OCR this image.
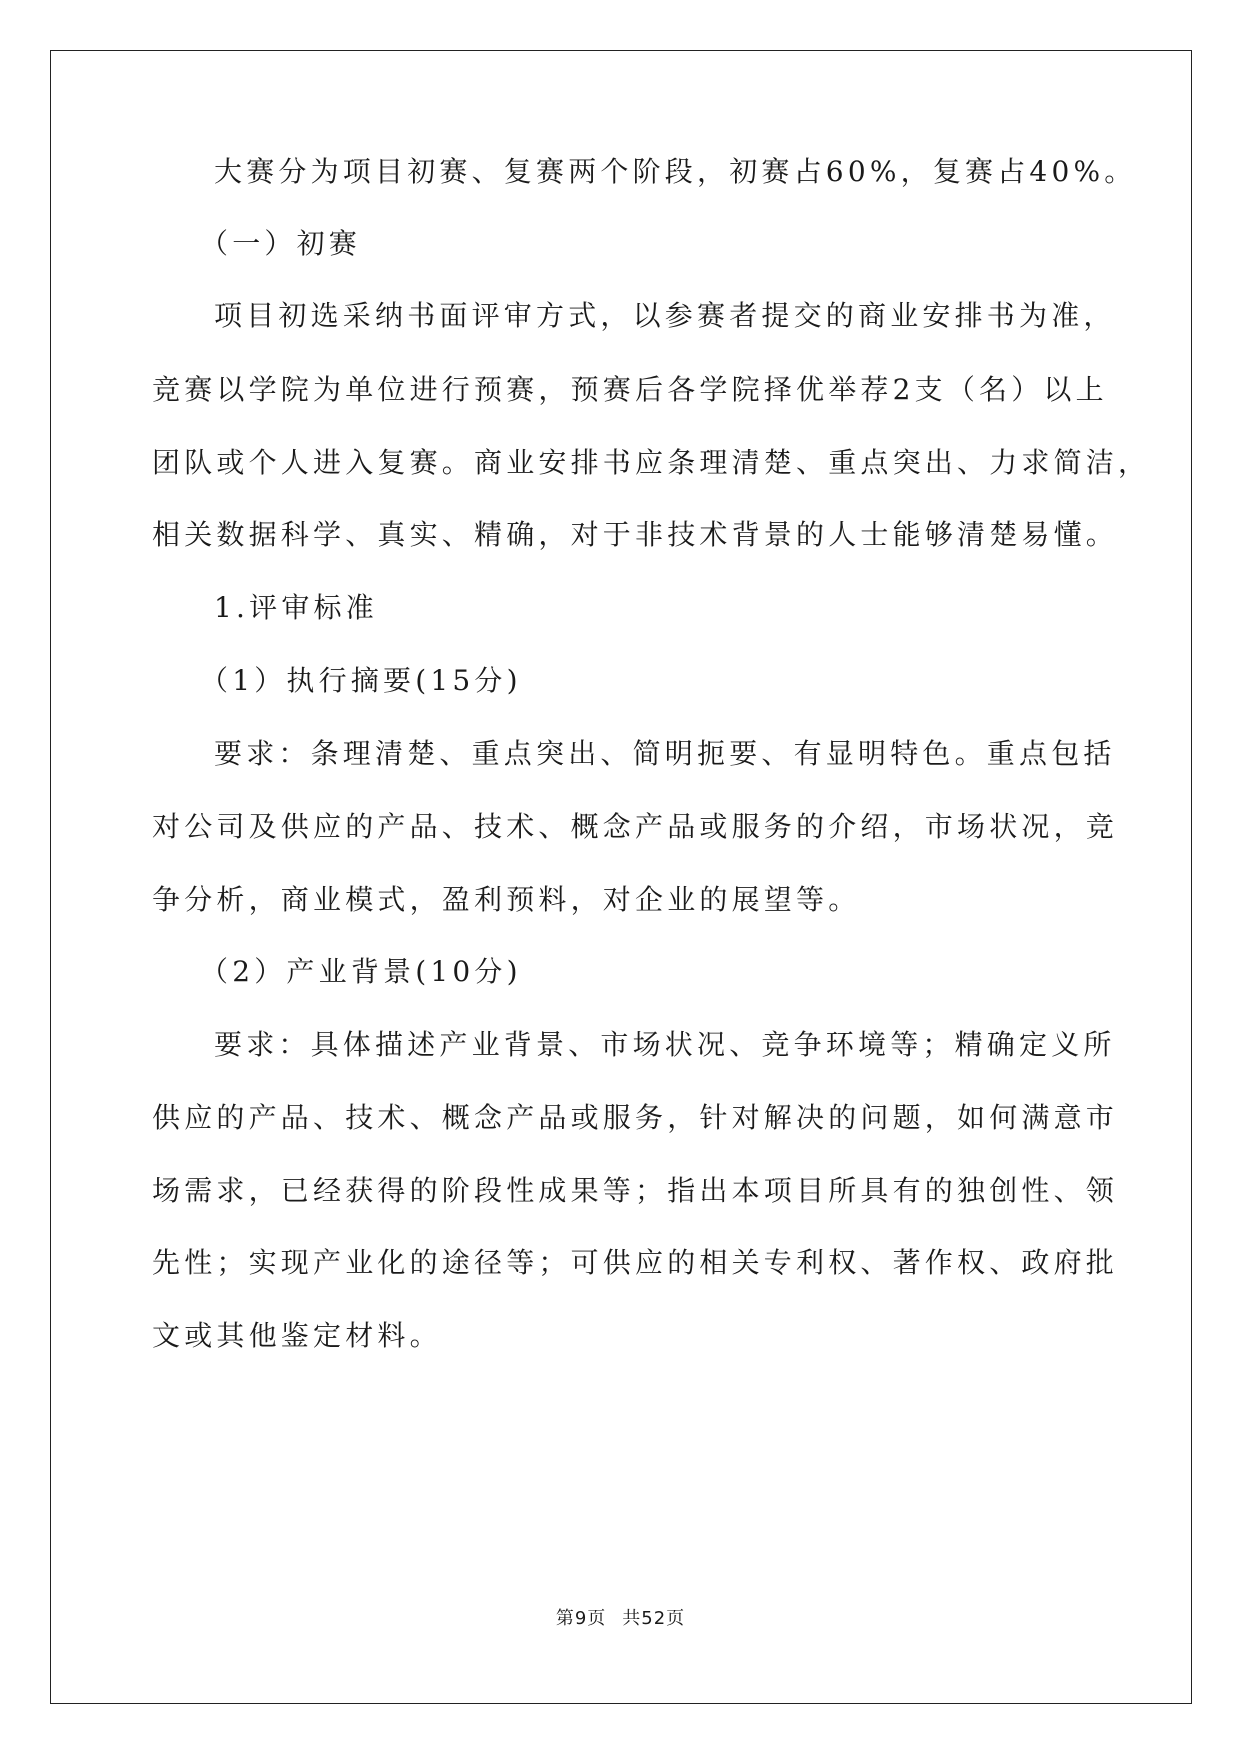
大赛分为项目初赛、复赛两个阶段，初赛占60%，复赛占40%。
（一）初赛
项目初选采纳书面评审方式，以参赛者提交的商业安排书为准，
竞赛以学院为单位进行预赛，预赛后各学院择优举荐2支（名）以上
团队或个人进入复赛。商业安排书应条理清楚、重点突出、力求简洁，
相关数据科学、真实、精确，对于非技术背景的人士能够清楚易懂。
1.评审标准
（1）执行摘要(15分)
要求：条理清楚、重点突出、简明扼要、有显明特色。重点包括
对公司及供应的产品、技术、概念产品或服务的介绍，市场状况，竞
争分析，商业模式，盈利预料，对企业的展望等。
（2）产业背景(10分)
要求：具体描述产业背景、市场状况、竞争环境等；精确定义所
供应的产品、技术、概念产品或服务，针对解决的问题，如何满意市
场需求，已经获得的阶段性成果等；指出本项目所具有的独创性、领
先性；实现产业化的途径等；可供应的相关专利权、著作权、政府批
文或其他鉴定材料。
第9页 共52页
